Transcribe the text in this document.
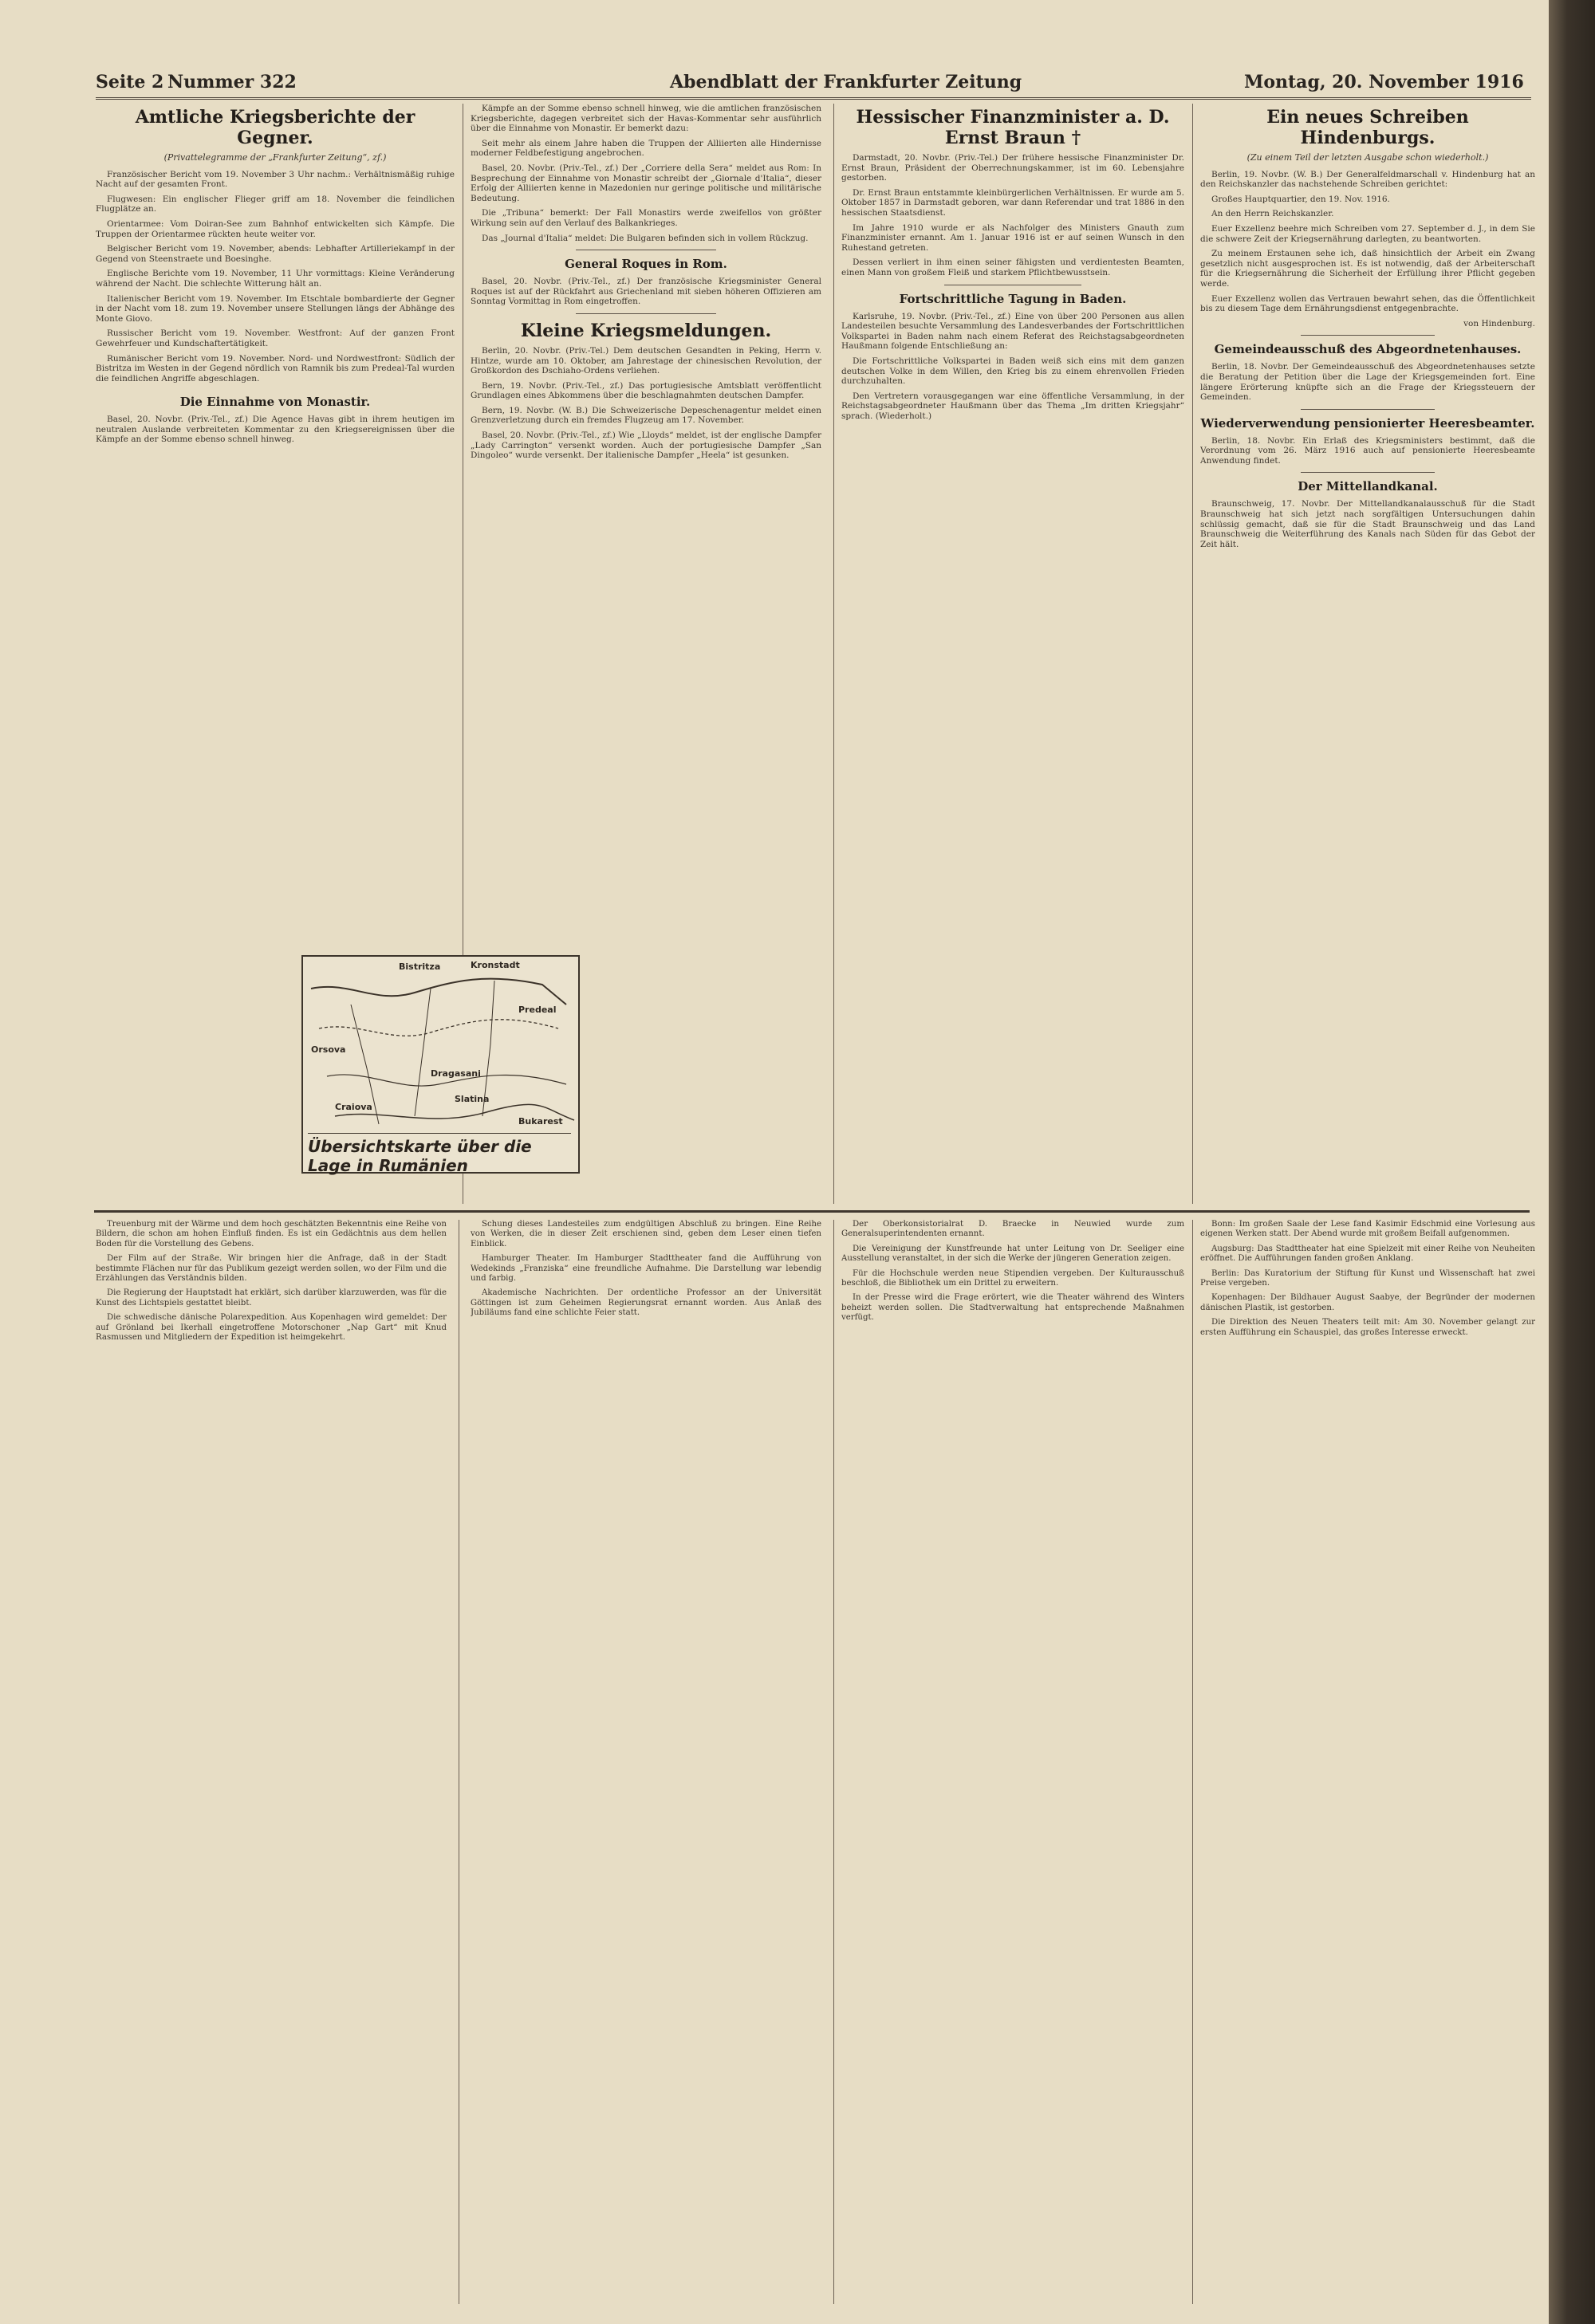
Seite 2 Nummer 322	Abendblatt der Frankfurter Zeitung	Montag, 20. November 1916
Amtliche Kriegsberichte der Gegner.
(Privattelegramme der „Frankfurter Zeitung“, zf.)

Französischer Bericht vom 19. November 3 Uhr nachm.: Verhältnismäßig ruhige Nacht auf der gesamten Front.

Flugwesen: Ein englischer Flieger griff am 18. November die feindlichen Flugplätze an.

Orientarmee: Vom Doiran-See zum Bahnhof entwickelten sich Kämpfe. Die Truppen der Orientarmee rückten heute weiter vor.

Belgischer Bericht vom 19. November, abends: Lebhafter Artilleriekampf in der Gegend von Steenstraete und Boesinghe.

Englische Berichte vom 19. November, 11 Uhr vormittags: Kleine Veränderung während der Nacht. Die schlechte Witterung hält an.

Italienischer Bericht vom 19. November. Im Etschtale bombardierte der Gegner in der Nacht vom 18. zum 19. November unsere Stellungen längs der Abhänge des Monte Giovo.

Russischer Bericht vom 19. November. Westfront: Auf der ganzen Front Gewehrfeuer und Kundschaftertätigkeit.

Rumänischer Bericht vom 19. November. Nord- und Nordwestfront: Südlich der Bistritza im Westen in der Gegend nördlich von Ramnik bis zum Predeal-Tal wurden die feindlichen Angriffe abgeschlagen.

Die Einnahme von Monastir.

Basel, 20. Novbr. (Priv.-Tel., zf.) Die Agence Havas gibt in ihrem heutigen im neutralen Auslande verbreiteten Kommentar zu den Kriegsereignissen über die Kämpfe an der Somme ebenso schnell hinweg.

Kämpfe an der Somme ebenso schnell hinweg, wie die amtlichen französischen Kriegsberichte, dagegen verbreitet sich der Havas-Kommentar sehr ausführlich über die Einnahme von Monastir. Er bemerkt dazu:

Seit mehr als einem Jahre haben die Truppen der Alliierten alle Hindernisse moderner Feldbefestigung angebrochen.

Basel, 20. Novbr. (Priv.-Tel., zf.) Der „Corriere della Sera“ meldet aus Rom: In Besprechung der Einnahme von Monastir schreibt der „Giornale d'Italia“, dieser Erfolg der Alliierten kenne in Mazedonien nur geringe politische und militärische Bedeutung.

Die „Tribuna“ bemerkt: Der Fall Monastirs werde zweifellos von größter Wirkung sein auf den Verlauf des Balkankrieges.

Das „Journal d'Italia“ meldet: Die Bulgaren befinden sich in vollem Rückzug.

General Roques in Rom.

Basel, 20. Novbr. (Priv.-Tel., zf.) Der französische Kriegsminister General Roques ist auf der Rückfahrt aus Griechenland mit sieben höheren Offizieren am Sonntag Vormittag in Rom eingetroffen.

Kleine Kriegsmeldungen.

Berlin, 20. Novbr. (Priv.-Tel.) Dem deutschen Gesandten in Peking, Herrn v. Hintze, wurde am 10. Oktober, am Jahrestage der chinesischen Revolution, der Großkordon des Dschiaho-Ordens verliehen.

Bern, 19. Novbr. (Priv.-Tel., zf.) Das portugiesische Amtsblatt veröffentlicht Grundlagen eines Abkommens über die beschlagnahmten deutschen Dampfer.

Bern, 19. Novbr. (W. B.) Die Schweizerische Depeschenagentur meldet einen Grenzverletzung durch ein fremdes Flugzeug am 17. November.

Basel, 20. Novbr. (Priv.-Tel., zf.) Wie „Lloyds“ meldet, ist der englische Dampfer „Lady Carrington“ versenkt worden. Auch der portugiesische Dampfer „San Dingoleo“ wurde versenkt. Der italienische Dampfer „Heela“ ist gesunken.

Kronstadt
Bistritza
Craiova
Orsova
Predeal
Bukarest
Dragasani
Slatina
Übersichtskarte über die Lage in Rumänien
Hessischer Finanzminister a. D. Ernst Braun †

Darmstadt, 20. Novbr. (Priv.-Tel.) Der frühere hessische Finanzminister Dr. Ernst Braun, Präsident der Oberrechnungskammer, ist im 60. Lebensjahre gestorben.

Dr. Ernst Braun entstammte kleinbürgerlichen Verhältnissen. Er wurde am 5. Oktober 1857 in Darmstadt geboren, war dann Referendar und trat 1886 in den hessischen Staatsdienst.

Im Jahre 1910 wurde er als Nachfolger des Ministers Gnauth zum Finanzminister ernannt. Am 1. Januar 1916 ist er auf seinen Wunsch in den Ruhestand getreten.

Dessen verliert in ihm einen seiner fähigsten und verdientesten Beamten, einen Mann von großem Fleiß und starkem Pflichtbewusstsein.

Fortschrittliche Tagung in Baden.

Karlsruhe, 19. Novbr. (Priv.-Tel., zf.) Eine von über 200 Personen aus allen Landesteilen besuchte Versammlung des Landesverbandes der Fortschrittlichen Volkspartei in Baden nahm nach einem Referat des Reichstagsabgeordneten Haußmann folgende Entschließung an:

Die Fortschrittliche Volkspartei in Baden weiß sich eins mit dem ganzen deutschen Volke in dem Willen, den Krieg bis zu einem ehrenvollen Frieden durchzuhalten.

Den Vertretern vorausgegangen war eine öffentliche Versammlung, in der Reichstagsabgeordneter Haußmann über das Thema „Im dritten Kriegsjahr“ sprach. (Wiederholt.)

Ein neues Schreiben Hindenburgs.
(Zu einem Teil der letzten Ausgabe schon wiederholt.)

Berlin, 19. Novbr. (W. B.) Der Generalfeldmarschall v. Hindenburg hat an den Reichskanzler das nachstehende Schreiben gerichtet:

Großes Hauptquartier, den 19. Nov. 1916.

An den Herrn Reichskanzler.

Euer Exzellenz beehre mich Schreiben vom 27. September d. J., in dem Sie die schwere Zeit der Kriegsernährung darlegten, zu beantworten.

Zu meinem Erstaunen sehe ich, daß hinsichtlich der Arbeit ein Zwang gesetzlich nicht ausgesprochen ist. Es ist notwendig, daß der Arbeiterschaft für die Kriegsernährung die Sicherheit der Erfüllung ihrer Pflicht gegeben werde.

Euer Exzellenz wollen das Vertrauen bewahrt sehen, das die Öffentlichkeit bis zu diesem Tage dem Ernährungsdienst entgegenbrachte.

von Hindenburg.

Gemeindeausschuß des Abgeordnetenhauses.

Berlin, 18. Novbr. Der Gemeindeausschuß des Abgeordnetenhauses setzte die Beratung der Petition über die Lage der Kriegsgemeinden fort. Eine längere Erörterung knüpfte sich an die Frage der Kriegssteuern der Gemeinden.

Wiederverwendung pensionierter Heeresbeamter.

Berlin, 18. Novbr. Ein Erlaß des Kriegsministers bestimmt, daß die Verordnung vom 26. März 1916 auch auf pensionierte Heeresbeamte Anwendung findet.

Der Mittellandkanal.

Braunschweig, 17. Novbr. Der Mittellandkanalausschuß für die Stadt Braunschweig hat sich jetzt nach sorgfältigen Untersuchungen dahin schlüssig gemacht, daß sie für die Stadt Braunschweig und das Land Braunschweig die Weiterführung des Kanals nach Süden für das Gebot der Zeit hält.

Treuenburg mit der Wärme und dem hoch geschätzten Bekenntnis eine Reihe von Bildern, die schon am hohen Einfluß finden. Es ist ein Gedächtnis aus dem hellen Boden für die Vorstellung des Gebens.

Der Film auf der Straße. Wir bringen hier die Anfrage, daß in der Stadt bestimmte Flächen nur für das Publikum gezeigt werden sollen, wo der Film und die Erzählungen das Verständnis bilden.

Die Regierung der Hauptstadt hat erklärt, sich darüber klarzuwerden, was für die Kunst des Lichtspiels gestattet bleibt.

Die schwedische dänische Polarexpedition. Aus Kopenhagen wird gemeldet: Der auf Grönland bei Ikerhall eingetroffene Motorschoner „Nap Gart“ mit Knud Rasmussen und Mitgliedern der Expedition ist heimgekehrt.

Schung dieses Landesteiles zum endgültigen Abschluß zu bringen. Eine Reihe von Werken, die in dieser Zeit erschienen sind, geben dem Leser einen tiefen Einblick.

Hamburger Theater. Im Hamburger Stadttheater fand die Aufführung von Wedekinds „Franziska“ eine freundliche Aufnahme. Die Darstellung war lebendig und farbig.

Akademische Nachrichten. Der ordentliche Professor an der Universität Göttingen ist zum Geheimen Regierungsrat ernannt worden. Aus Anlaß des Jubiläums fand eine schlichte Feier statt.

Der Oberkonsistorialrat D. Braecke in Neuwied wurde zum Generalsuperintendenten ernannt.

Die Vereinigung der Kunstfreunde hat unter Leitung von Dr. Seeliger eine Ausstellung veranstaltet, in der sich die Werke der jüngeren Generation zeigen.

Für die Hochschule werden neue Stipendien vergeben. Der Kulturausschuß beschloß, die Bibliothek um ein Drittel zu erweitern.

In der Presse wird die Frage erörtert, wie die Theater während des Winters beheizt werden sollen. Die Stadtverwaltung hat entsprechende Maßnahmen verfügt.

Bonn: Im großen Saale der Lese fand Kasimir Edschmid eine Vorlesung aus eigenen Werken statt. Der Abend wurde mit großem Beifall aufgenommen.

Augsburg: Das Stadttheater hat eine Spielzeit mit einer Reihe von Neuheiten eröffnet. Die Aufführungen fanden großen Anklang.

Berlin: Das Kuratorium der Stiftung für Kunst und Wissenschaft hat zwei Preise vergeben.

Kopenhagen: Der Bildhauer August Saabye, der Begründer der modernen dänischen Plastik, ist gestorben.

Die Direktion des Neuen Theaters teilt mit: Am 30. November gelangt zur ersten Aufführung ein Schauspiel, das großes Interesse erweckt.
